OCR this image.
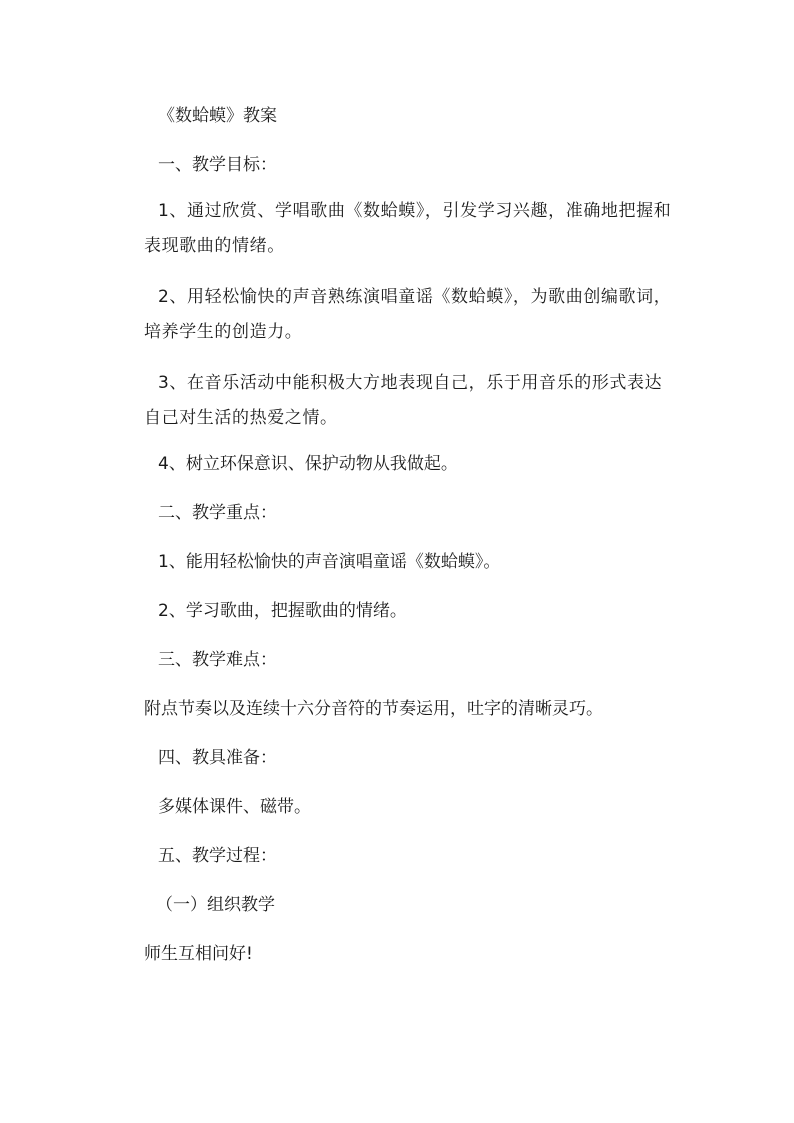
《数蛤蟆》教案

一、教学目标：

1、通过欣赏、学唱歌曲《数蛤蟆》，引发学习兴趣，准确地把握和表现歌曲的情绪。
2、用轻松愉快的声音熟练演唱童谣《数蛤蟆》，为歌曲创编歌词，培养学生的创造力。
3、在音乐活动中能积极大方地表现自己，乐于用音乐的形式表达自己对生活的热爱之情。

4、树立环保意识、保护动物从我做起。

二、教学重点：

1、能用轻松愉快的声音演唱童谣《数蛤蟆》。

2、学习歌曲，把握歌曲的情绪。

三、教学难点：

附点节奏以及连续十六分音符的节奏运用，吐字的清晰灵巧。

四、教具准备：

多媒体课件、磁带。

五、教学过程：

（一）组织教学

师生互相问好!
